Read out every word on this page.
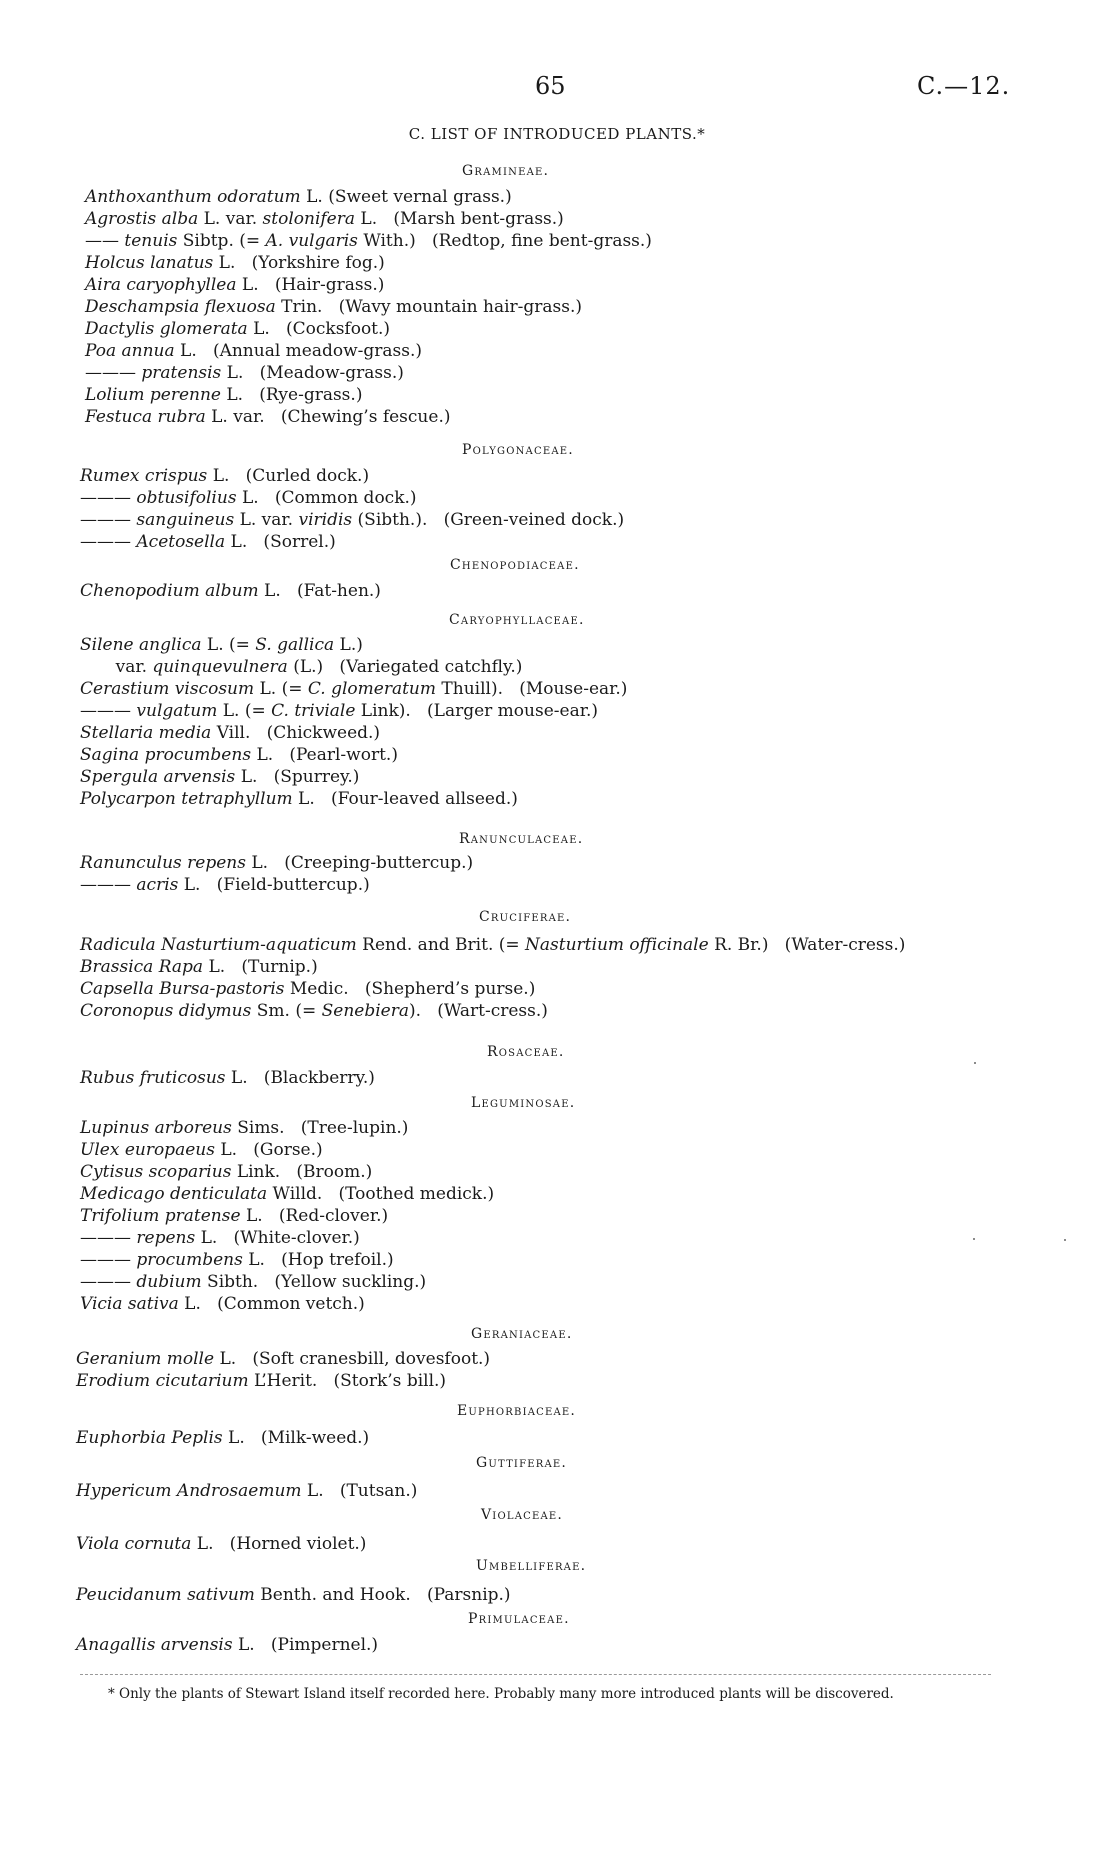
65	C.—12.
C. LIST OF INTRODUCED PLANTS.*
Gramineae.
Anthoxanthum odoratum L. (Sweet vernal grass.)
Agrostis alba L. var. stolonifera L.   (Marsh bent-grass.)
—— tenuis Sibtp. (= A. vulgaris With.)   (Redtop, fine bent-grass.)
Holcus lanatus L.   (Yorkshire fog.)
Aira caryophyllea L.   (Hair-grass.)
Deschampsia flexuosa Trin.   (Wavy mountain hair-grass.)
Dactylis glomerata L.   (Cocksfoot.)
Poa annua L.   (Annual meadow-grass.)
——— pratensis L.   (Meadow-grass.)
Lolium perenne L.   (Rye-grass.)
Festuca rubra L. var.   (Chewing’s fescue.)
Polygonaceae.
Rumex crispus L.   (Curled dock.)
——— obtusifolius L.   (Common dock.)
——— sanguineus L. var. viridis (Sibth.).   (Green-veined dock.)
——— Acetosella L.   (Sorrel.)
Chenopodiaceae.
Chenopodium album L.   (Fat-hen.)
Caryophyllaceae.
Silene anglica L. (= S. gallica L.)
var. quinquevulnera (L.)   (Variegated catchfly.)
Cerastium viscosum L. (= C. glomeratum Thuill).   (Mouse-ear.)
——— vulgatum L. (= C. triviale Link).   (Larger mouse-ear.)
Stellaria media Vill.   (Chickweed.)
Sagina procumbens L.   (Pearl-wort.)
Spergula arvensis L.   (Spurrey.)
Polycarpon tetraphyllum L.   (Four-leaved allseed.)
Ranunculaceae.
Ranunculus repens L.   (Creeping-buttercup.)
——— acris L.   (Field-buttercup.)
Cruciferae.
Radicula Nasturtium-aquaticum Rend. and Brit. (= Nasturtium officinale R. Br.)   (Water-cress.)
Brassica Rapa L.   (Turnip.)
Capsella Bursa-pastoris Medic.   (Shepherd’s purse.)
Coronopus didymus Sm. (= Senebiera).   (Wart-cress.)
Rosaceae.
Rubus fruticosus L.   (Blackberry.)
Leguminosae.
Lupinus arboreus Sims.   (Tree-lupin.)
Ulex europaeus L.   (Gorse.)
Cytisus scoparius Link.   (Broom.)
Medicago denticulata Willd.   (Toothed medick.)
Trifolium pratense L.   (Red-clover.)
——— repens L.   (White-clover.)
——— procumbens L.   (Hop trefoil.)
——— dubium Sibth.   (Yellow suckling.)
Vicia sativa L.   (Common vetch.)
Geraniaceae.
Geranium molle L.   (Soft cranesbill, dovesfoot.)
Erodium cicutarium L’Herit.   (Stork’s bill.)
Euphorbiaceae.
Euphorbia Peplis L.   (Milk-weed.)
Guttiferae.
Hypericum Androsaemum L.   (Tutsan.)
Violaceae.
Viola cornuta L.   (Horned violet.)
Umbelliferae.
Peucidanum sativum Benth. and Hook.   (Parsnip.)
Primulaceae.
Anagallis arvensis L.   (Pimpernel.)
* Only the plants of Stewart Island itself recorded here. Probably many more introduced plants will be discovered.
